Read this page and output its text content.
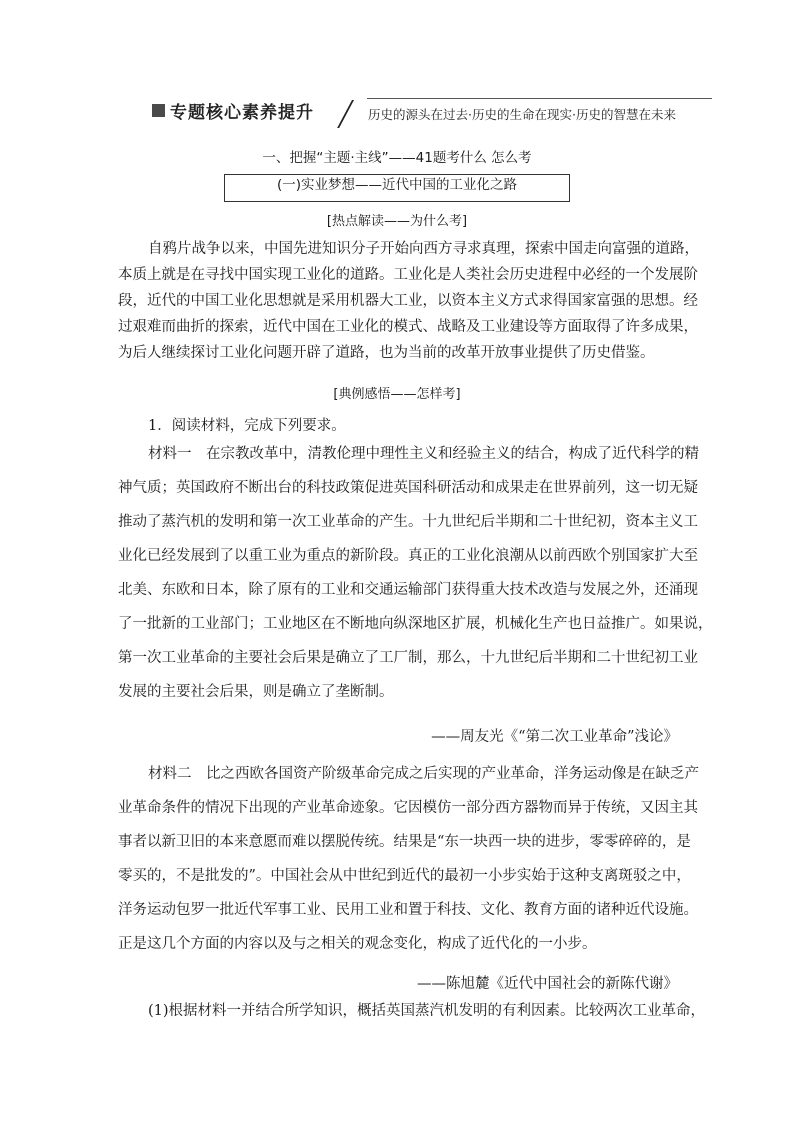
专题核心素养提升	历史的源头在过去·历史的生命在现实·历史的智慧在未来
一、把握“主题·主线”——41题考什么 怎么考
(一)实业梦想——近代中国的工业化之路
[热点解读——为什么考]
自鸦片战争以来，中国先进知识分子开始向西方寻求真理，探索中国走向富强的道路，
本质上就是在寻找中国实现工业化的道路。工业化是人类社会历史进程中必经的一个发展阶
段，近代的中国工业化思想就是采用机器大工业，以资本主义方式求得国家富强的思想。经
过艰难而曲折的探索，近代中国在工业化的模式、战略及工业建设等方面取得了许多成果，
为后人继续探讨工业化问题开辟了道路，也为当前的改革开放事业提供了历史借鉴。
[典例感悟——怎样考]
1．阅读材料，完成下列要求。
材料一　在宗教改革中，清教伦理中理性主义和经验主义的结合，构成了近代科学的精
神气质；英国政府不断出台的科技政策促进英国科研活动和成果走在世界前列，这一切无疑
推动了蒸汽机的发明和第一次工业革命的产生。十九世纪后半期和二十世纪初，资本主义工
业化已经发展到了以重工业为重点的新阶段。真正的工业化浪潮从以前西欧个别国家扩大至
北美、东欧和日本，除了原有的工业和交通运输部门获得重大技术改造与发展之外，还涌现
了一批新的工业部门；工业地区在不断地向纵深地区扩展，机械化生产也日益推广。如果说，
第一次工业革命的主要社会后果是确立了工厂制，那么，十九世纪后半期和二十世纪初工业
发展的主要社会后果，则是确立了垄断制。
——周友光《“第二次工业革命”浅论》
材料二　比之西欧各国资产阶级革命完成之后实现的产业革命，洋务运动像是在缺乏产
业革命条件的情况下出现的产业革命迹象。它因模仿一部分西方器物而异于传统，又因主其
事者以新卫旧的本来意愿而难以摆脱传统。结果是“东一块西一块的进步，零零碎碎的，是
零买的，不是批发的”。中国社会从中世纪到近代的最初一小步实始于这种支离斑驳之中，
洋务运动包罗一批近代军事工业、民用工业和置于科技、文化、教育方面的诸种近代设施。
正是这几个方面的内容以及与之相关的观念变化，构成了近代化的一小步。
——陈旭麓《近代中国社会的新陈代谢》
(1)根据材料一并结合所学知识，概括英国蒸汽机发明的有利因素。比较两次工业革命，
